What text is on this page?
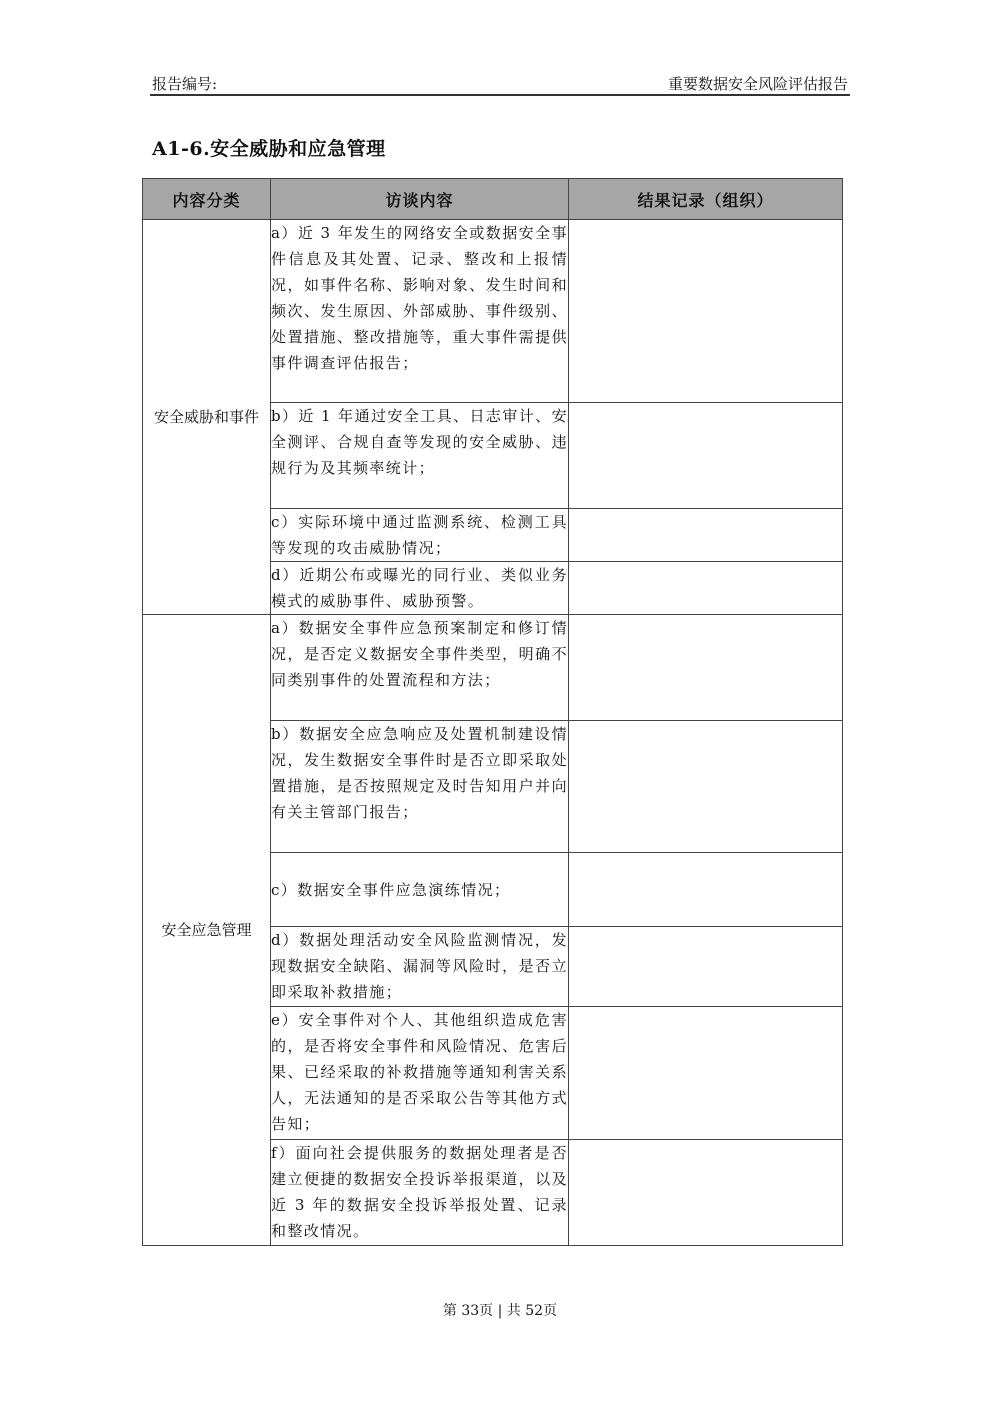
报告编号:	重要数据安全风险评估报告
A1-6.安全威胁和应急管理
内容分类	访谈内容	结果记录（组织）
安全威胁和事件	a）近 3 年发生的网络安全或数据安全事件信息及其处置、记录、整改和上报情况，如事件名称、影响对象、发生时间和频次、发生原因、外部威胁、事件级别、处置措施、整改措施等，重大事件需提供事件调查评估报告；	
	b）近 1 年通过安全工具、日志审计、安全测评、合规自查等发现的安全威胁、违规行为及其频率统计；	
	c）实际环境中通过监测系统、检测工具等发现的攻击威胁情况；	
	d）近期公布或曝光的同行业、类似业务模式的威胁事件、威胁预警。	
安全应急管理	a）数据安全事件应急预案制定和修订情况，是否定义数据安全事件类型，明确不同类别事件的处置流程和方法；	
	b）数据安全应急响应及处置机制建设情况，发生数据安全事件时是否立即采取处置措施，是否按照规定及时告知用户并向有关主管部门报告；	
	c）数据安全事件应急演练情况；	
	d）数据处理活动安全风险监测情况，发现数据安全缺陷、漏洞等风险时，是否立即采取补救措施；	
	e）安全事件对个人、其他组织造成危害的，是否将安全事件和风险情况、危害后果、已经采取的补救措施等通知利害关系人，无法通知的是否采取公告等其他方式告知；	
	f）面向社会提供服务的数据处理者是否建立便捷的数据安全投诉举报渠道，以及近 3 年的数据安全投诉举报处置、记录和整改情况。	
第 33页 | 共 52页
